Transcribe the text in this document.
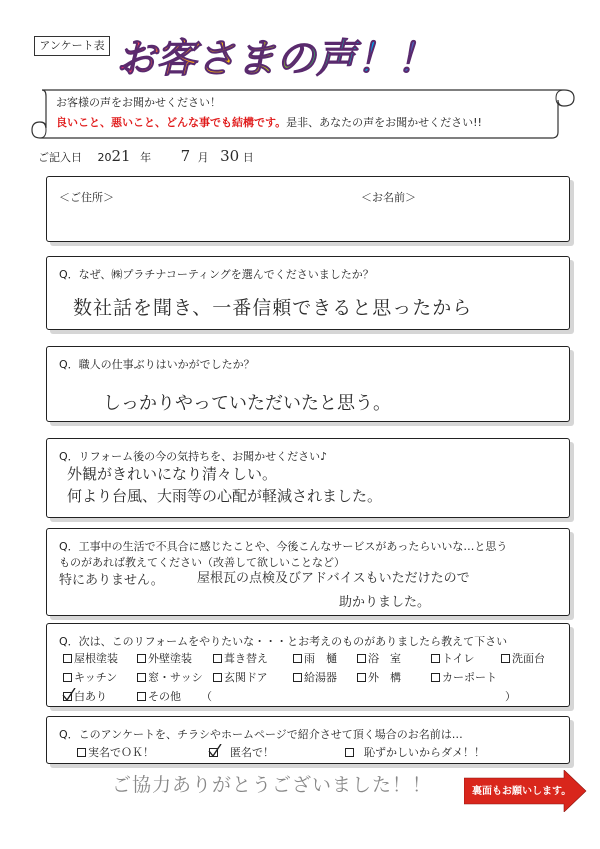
アンケート表 お客さまの声！！
お客様の声をお聞かせください！
良いこと、悪いこと、どんな事でも結構です。是非、あなたの声をお聞かせください!!
ご記入日 2021 年 7 月 30 日
＜ご住所＞	＜お名前＞
Q．なぜ、㈱プラチナコーティングを選んでくださいましたか？
数社話を聞き、一番信頼できると思ったから
Q．職人の仕事ぶりはいかがでしたか？
しっかりやっていただいたと思う。
Q．リフォーム後の今の気持ちを、お聞かせください♪
外観がきれいになり清々しい。
何より台風、大雨等の心配が軽減されました。
Q．工事中の生活で不具合に感じたことや、今後こんなサービスがあったらいいな…と思う
ものがあれば教えてください（改善して欲しいことなど）
特にありません。	屋根瓦の点検及びアドバイスもいただけたので
助かりました。
Q．次は、このリフォームをやりたいな・・・とお考えのものがありましたら教えて下さい
屋根塗装	外壁塗装	葺き替え	雨　樋	浴　室	トイレ	洗面台
キッチン	窓・サッシ	玄関ドア	給湯器	外　構	カーポート
白あり	その他 （	）
Q．このアンケートを、チラシやホームページで紹介させて頂く場合のお名前は…
実名でＯＫ！	匿名で！	恥ずかしいからダメ！！
ご協力ありがとうございました！！	裏面もお願いします。
